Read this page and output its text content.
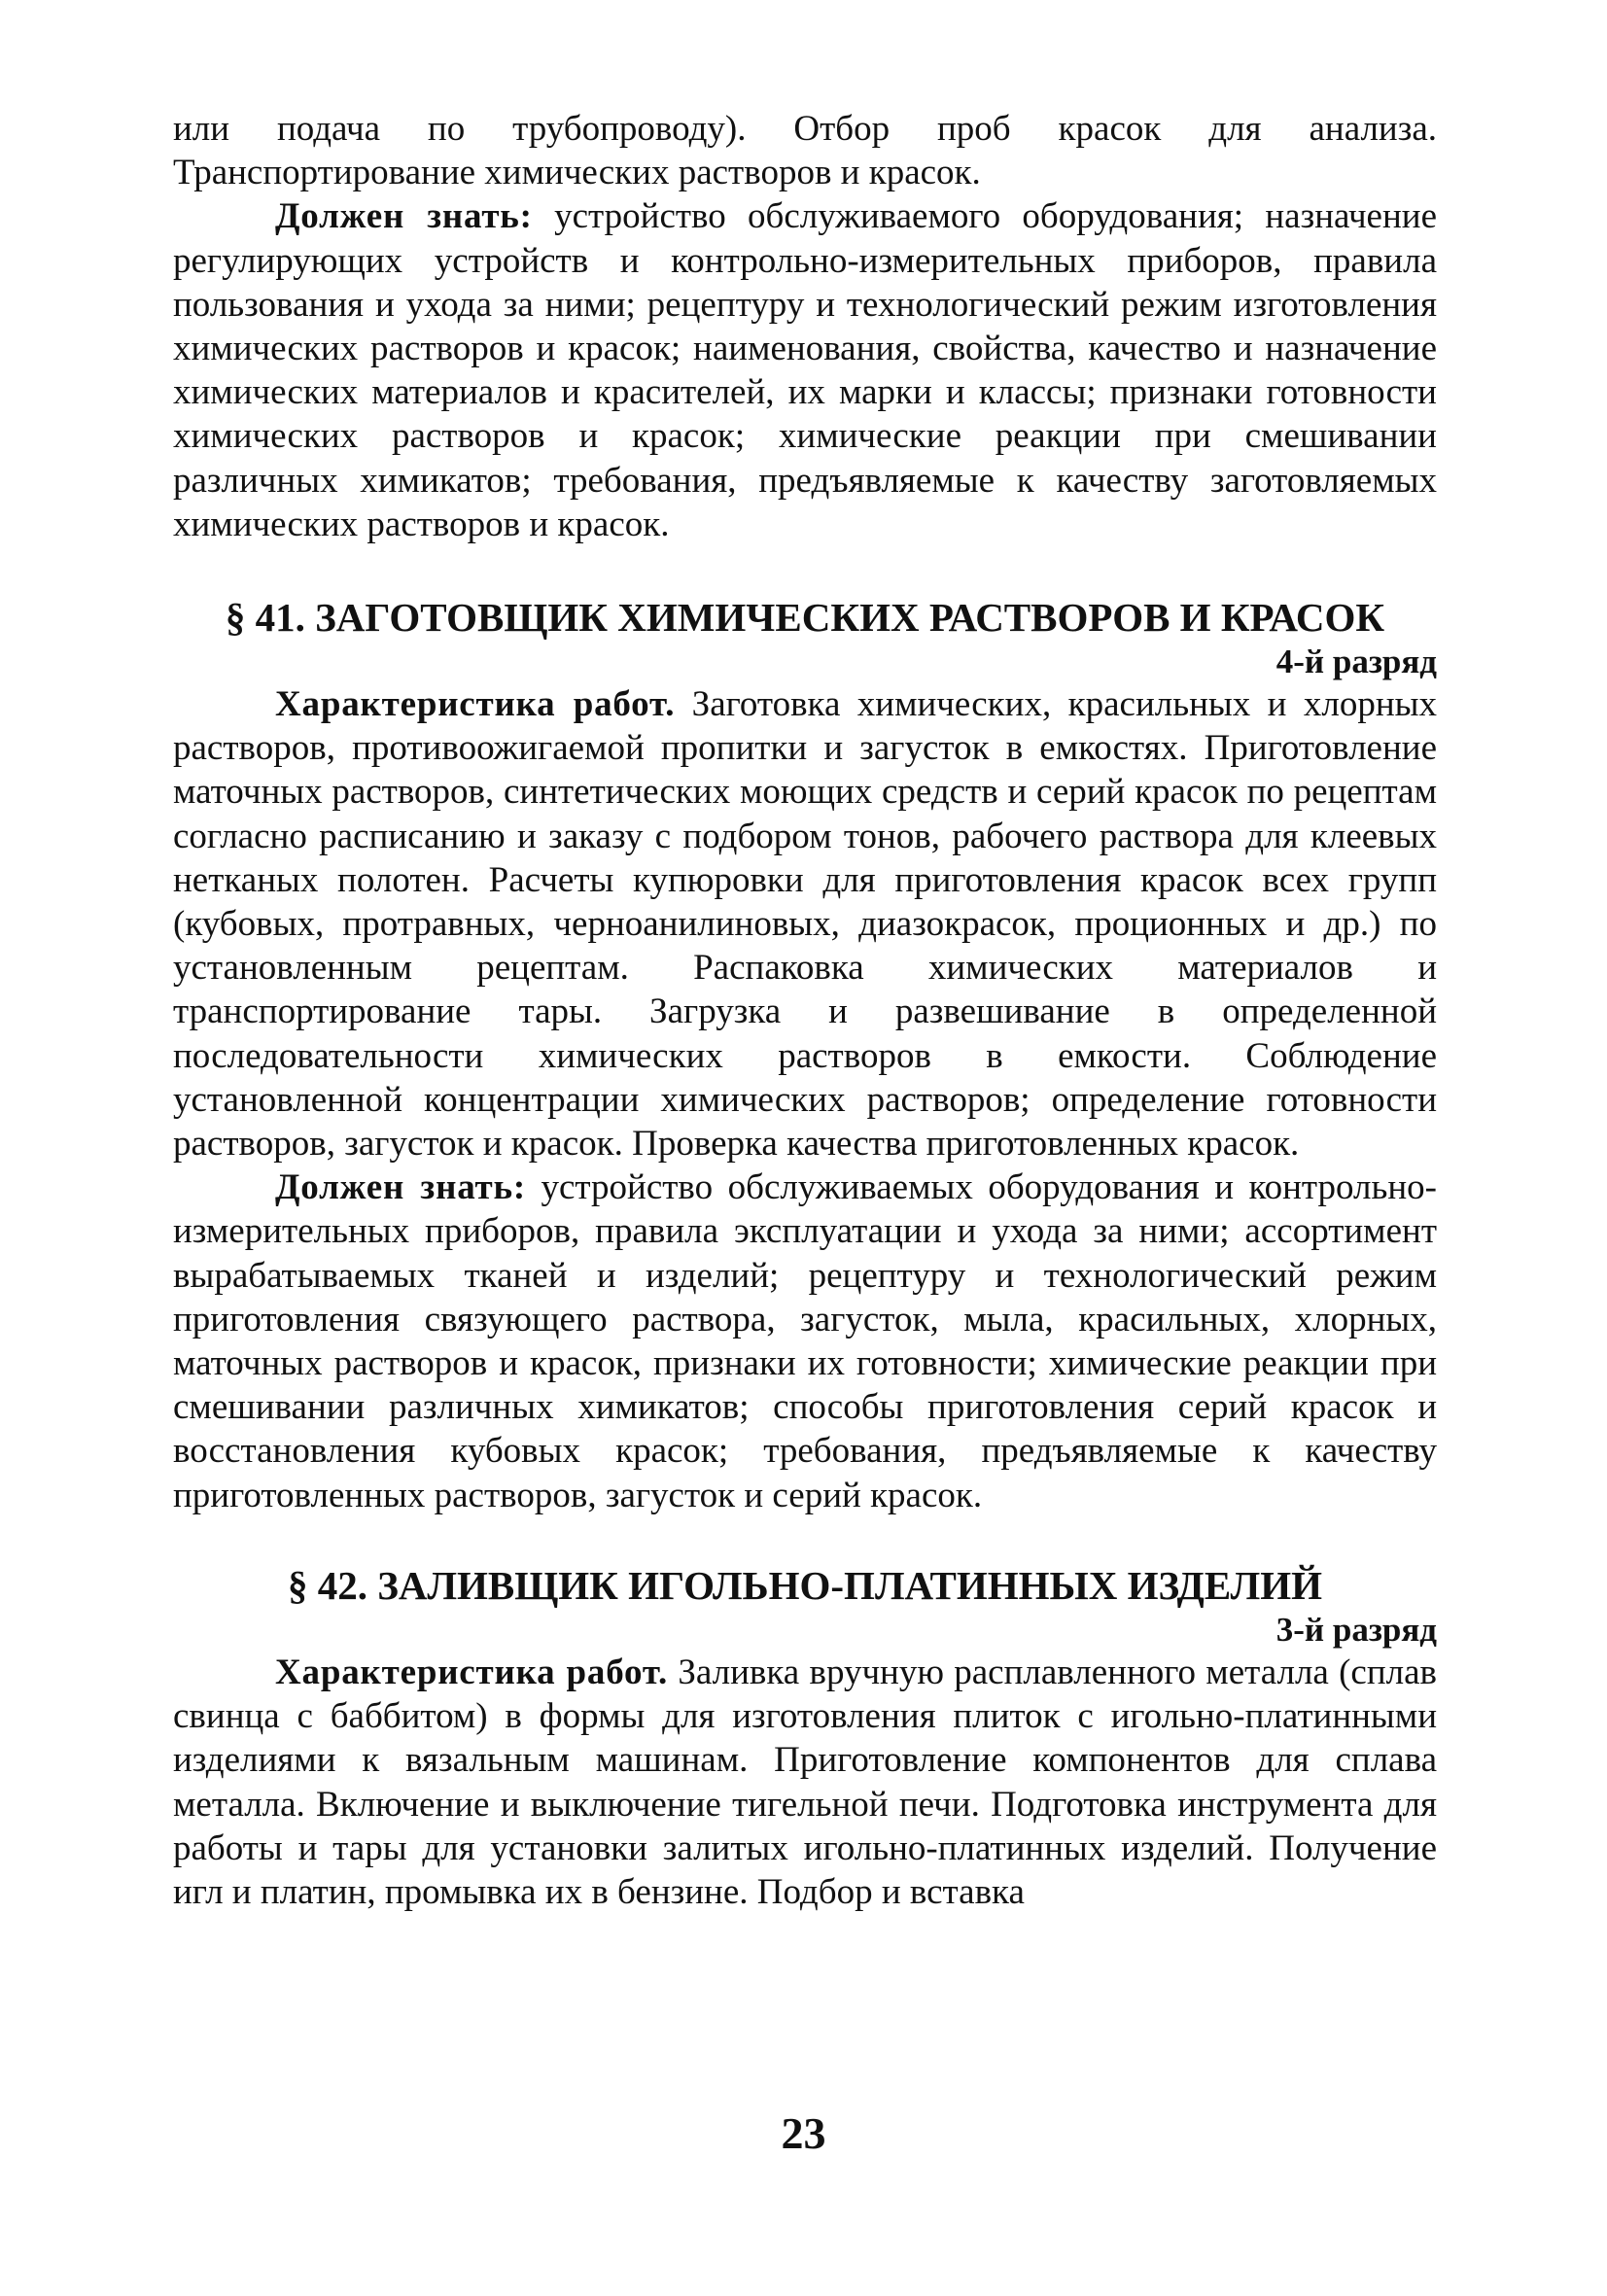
или подача по трубопроводу). Отбор проб красок для анализа. Транспортирование химических растворов и красок.

Должен знать: устройство обслуживаемого оборудования; назначение регулирующих устройств и контрольно-измерительных приборов, правила пользования и ухода за ними; рецептуру и технологический режим изготовления химических растворов и красок; наименования, свойства, качество и назначение химических материалов и красителей, их марки и классы; признаки готовности химических растворов и красок; химические реакции при смешивании различных химикатов; требования, предъявляемые к качеству заготовляемых химических растворов и красок.

§ 41. ЗАГОТОВЩИК ХИМИЧЕСКИХ РАСТВОРОВ И КРАСОК
4-й разряд

Характеристика работ. Заготовка химических, красильных и хлорных растворов, противоожигаемой пропитки и загусток в емкостях. Приготовление маточных растворов, синтетических моющих средств и серий красок по рецептам согласно расписанию и заказу с подбором тонов, рабочего раствора для клеевых нетканых полотен. Расчеты купюровки для приготовления красок всех групп (кубовых, протравных, черноанилиновых, диазокрасок, проционных и др.) по установленным рецептам. Распаковка химических материалов и транспортирование тары. Загрузка и развешивание в определенной последовательности химических растворов в емкости. Соблюдение установленной концентрации химических растворов; определение готовности растворов, загусток и красок. Проверка качества приготовленных красок.

Должен знать: устройство обслуживаемых оборудования и контрольно-измерительных приборов, правила эксплуатации и ухода за ними; ассортимент вырабатываемых тканей и изделий; рецептуру и технологический режим приготовления связующего раствора, загусток, мыла, красильных, хлорных, маточных растворов и красок, признаки их готовности; химические реакции при смешивании различных химикатов; способы приготовления серий красок и восстановления кубовых красок; требования, предъявляемые к качеству приготовленных растворов, загусток и серий красок.

§ 42. ЗАЛИВЩИК ИГОЛЬНО-ПЛАТИННЫХ ИЗДЕЛИЙ
3-й разряд

Характеристика работ. Заливка вручную расплавленного металла (сплав свинца с баббитом) в формы для изготовления плиток с игольно-платинными изделиями к вязальным машинам. Приготовление компонентов для сплава металла. Включение и выключение тигельной печи. Подготовка инструмента для работы и тары для установки залитых игольно-платинных изделий. Получение игл и платин, промывка их в бензине. Подбор и вставка

23
